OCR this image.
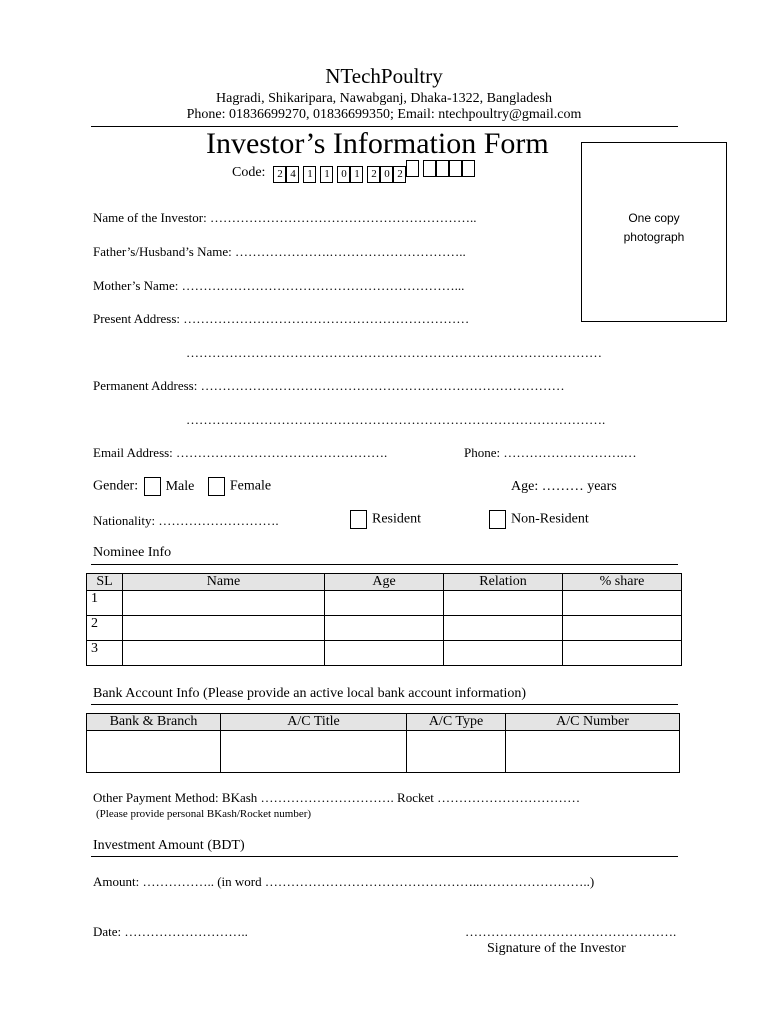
NTechPoultry
Hagradi, Shikaripara, Nawabganj, Dhaka-1322, Bangladesh
Phone: 01836699270, 01836699350; Email: ntechpoultry@gmail.com
Investor’s Information Form
Code: 2 4 1 1 0 1 2 0 2
One copy
photograph
Name of the Investor: ……………………………………………………..
Father’s/Husband’s Name: ………………….…………………………..
Mother’s Name: ………………………………………………………...
Present Address: …………………………………………………………
……………………………………………………………………………………
Permanent Address: …………………………………………………………………………
…………………………………………………………………………………….
Email Address: ………………………………………….	Phone: ……………………….…
Gender: Male	Female	Age: ……… years
Nationality: ……………………….	Resident	Non-Resident
Nominee Info
SL	Name	Age	Relation	% share
1				
2				
3				
Bank Account Info (Please provide an active local bank account information)
Bank & Branch	A/C Title	A/C Type	A/C Number

Other Payment Method: BKash …………………………. Rocket ……………………………
(Please provide personal BKash/Rocket number)
Investment Amount (BDT)
Amount: …………….. (in word …………………………………………..……………………..)
Date: ………………………..	………………………………………….
Signature of the Investor
